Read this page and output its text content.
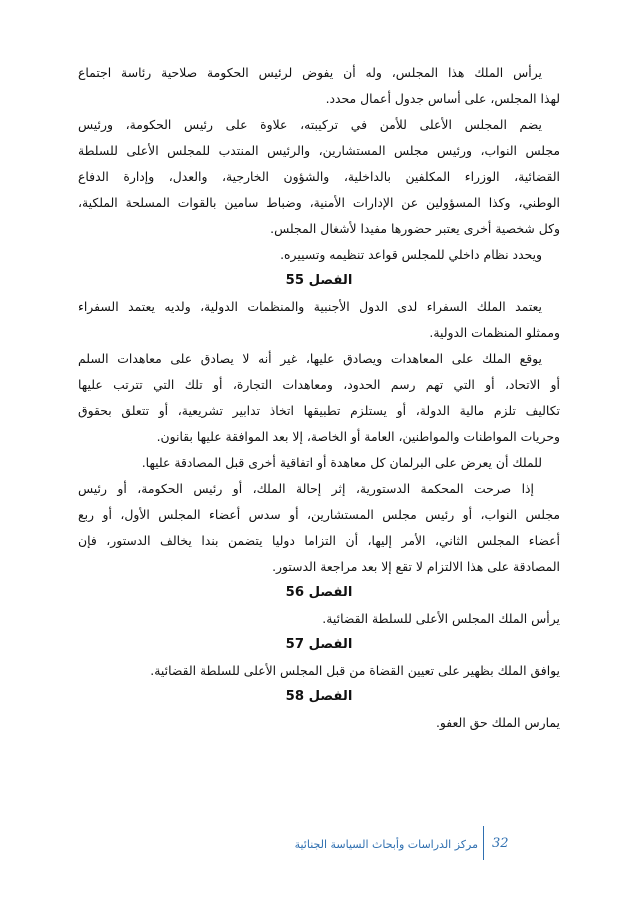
يرأس الملك هذا المجلس، وله أن يفوض لرئيس الحكومة صلاحية رئاسة اجتماع
لهذا المجلس، على أساس جدول أعمال محدد.
يضم المجلس الأعلى للأمن في تركيبته، علاوة على رئيس الحكومة، ورئيس
مجلس النواب، ورئيس مجلس المستشارين، والرئيس المنتدب للمجلس الأعلى للسلطة
القضائية، الوزراء المكلفين بالداخلية، والشؤون الخارجية، والعدل، وإدارة الدفاع
الوطني، وكذا المسؤولين عن الإدارات الأمنية، وضباط سامين بالقوات المسلحة الملكية،
وكل شخصية أخرى يعتبر حضورها مفيدا لأشغال المجلس.
ويحدد نظام داخلي للمجلس قواعد تنظيمه وتسييره.
الفصل 55
يعتمد الملك السفراء لدى الدول الأجنبية والمنظمات الدولية، ولديه يعتمد السفراء
وممثلو المنظمات الدولية.
يوقع الملك على المعاهدات ويصادق عليها، غير أنه لا يصادق على معاهدات السلم
أو الاتحاد، أو التي تهم رسم الحدود، ومعاهدات التجارة، أو تلك التي تترتب عليها
تكاليف تلزم مالية الدولة، أو يستلزم تطبيقها اتخاذ تدابير تشريعية، أو تتعلق بحقوق
وحريات المواطنات والمواطنين، العامة أو الخاصة، إلا بعد الموافقة عليها بقانون.
للملك أن يعرض على البرلمان كل معاهدة أو اتفاقية أخرى قبل المصادقة عليها.
إذا صرحت المحكمة الدستورية، إثر إحالة الملك، أو رئيس الحكومة، أو رئيس
مجلس النواب، أو رئيس مجلس المستشارين، أو سدس أعضاء المجلس الأول، أو ربع
أعضاء المجلس الثاني، الأمر إليها، أن التزاما دوليا يتضمن بندا يخالف الدستور، فإن
المصادقة على هذا الالتزام لا تقع إلا بعد مراجعة الدستور.
الفصل 56
يرأس الملك المجلس الأعلى للسلطة القضائية.
الفصل 57
يوافق الملك بظهير على تعيين القضاة من قبل المجلس الأعلى للسلطة القضائية.
الفصل 58
يمارس الملك حق العفو.
32
مركز الدراسات وأبحاث السياسة الجنائية
